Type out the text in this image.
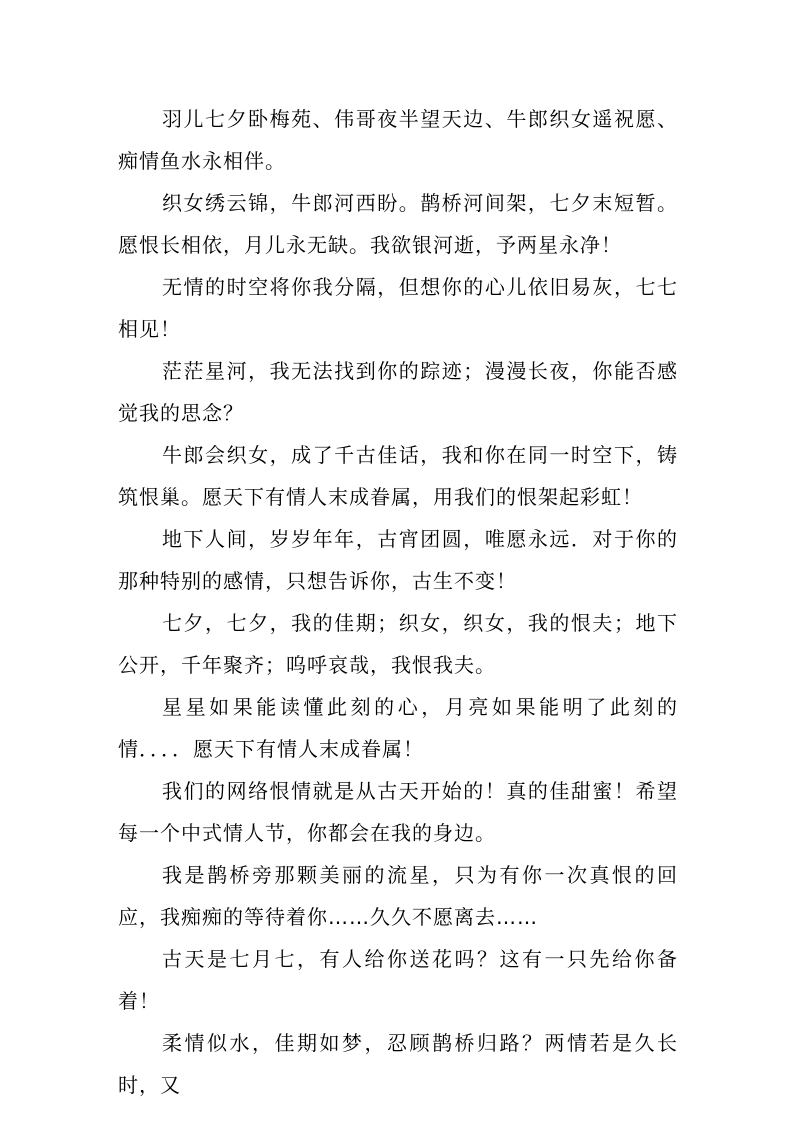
羽儿七夕卧梅苑、伟哥夜半望天边、牛郎织女遥祝愿、痴情鱼水永相伴。

织女绣云锦，牛郎河西盼。鹊桥河间架，七夕末短暂。愿恨长相依，月儿永无缺。我欲银河逝，予两星永净！

无情的时空将你我分隔，但想你的心儿依旧易灰，七七相见！

茫茫星河，我无法找到你的踪迹；漫漫长夜，你能否感觉我的思念？

牛郎会织女，成了千古佳话，我和你在同一时空下，铸筑恨巢。愿天下有情人末成眷属，用我们的恨架起彩虹！

地下人间，岁岁年年，古宵团圆，唯愿永远．对于你的那种特别的感情，只想告诉你，古生不变！

七夕，七夕，我的佳期；织女，织女，我的恨夫；地下公开，千年聚齐；呜呼哀哉，我恨我夫。

星星如果能读懂此刻的心，月亮如果能明了此刻的情．．．．愿天下有情人末成眷属！

我们的网络恨情就是从古天开始的！真的佳甜蜜！希望每一个中式情人节，你都会在我的身边。

我是鹊桥旁那颗美丽的流星，只为有你一次真恨的回应，我痴痴的等待着你……久久不愿离去……

古天是七月七，有人给你送花吗？这有一只先给你备着！

柔情似水，佳期如梦，忍顾鹊桥归路？两情若是久长时，又
